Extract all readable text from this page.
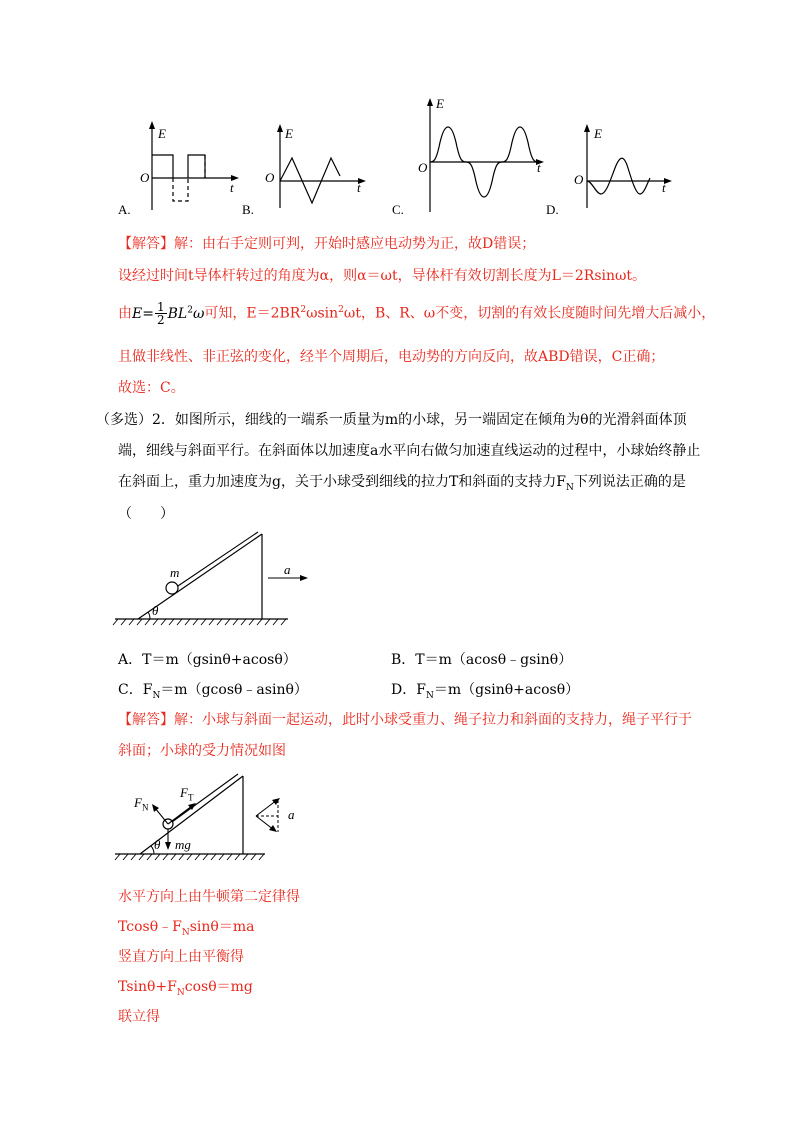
E
O
t
A.
E
O
t
B.
E
O	t
C.
E
O
t
D.
【解答】解：由右手定则可判，开始时感应电动势为正，故D错误；
设经过时间t导体杆转过的角度为α，则α＝ωt，导体杆有效切割长度为L＝2Rsinωt。
由$E= \frac{1}{2} BL^2\omega$可知，$E=2BR^2\omega\sin^2\omega t$，B、R、ω不变，切割的有效长度随时间先增大后减小，
且做非线性、非正弦的变化，经半个周期后，电动势的方向反向，故ABD错误，C正确；
故选：C。
（多选）2．如图所示，细线的一端系一质量为m的小球，另一端固定在倾角为θ的光滑斜面体顶
端，细线与斜面平行。在斜面体以加速度a水平向右做匀加速直线运动的过程中，小球始终静止
在斜面上，重力加速度为g，关于小球受到细线的拉力T和斜面的支持力$F_N$下列说法正确的是
（　　）
m	a
θ
A．T＝m（gsinθ+acosθ）	B．T＝m（acosθ﹣gsinθ）
C．$F_N=m(gcos\theta﹣asin\theta)$	D．$F_N=m(gsin\theta+acos\theta)$
【解答】解：小球与斜面一起运动，此时小球受重力、绳子拉力和斜面的支持力，绳子平行于
斜面；小球的受力情况如图
$F_N$
$F_T$
mg
θ
a
水平方向上由牛顿第二定律得
$Tcos\theta﹣F_N\sin\theta=ma$
竖直方向上由平衡得
$Tsin\theta+F_N\cos\theta=mg$
联立得
